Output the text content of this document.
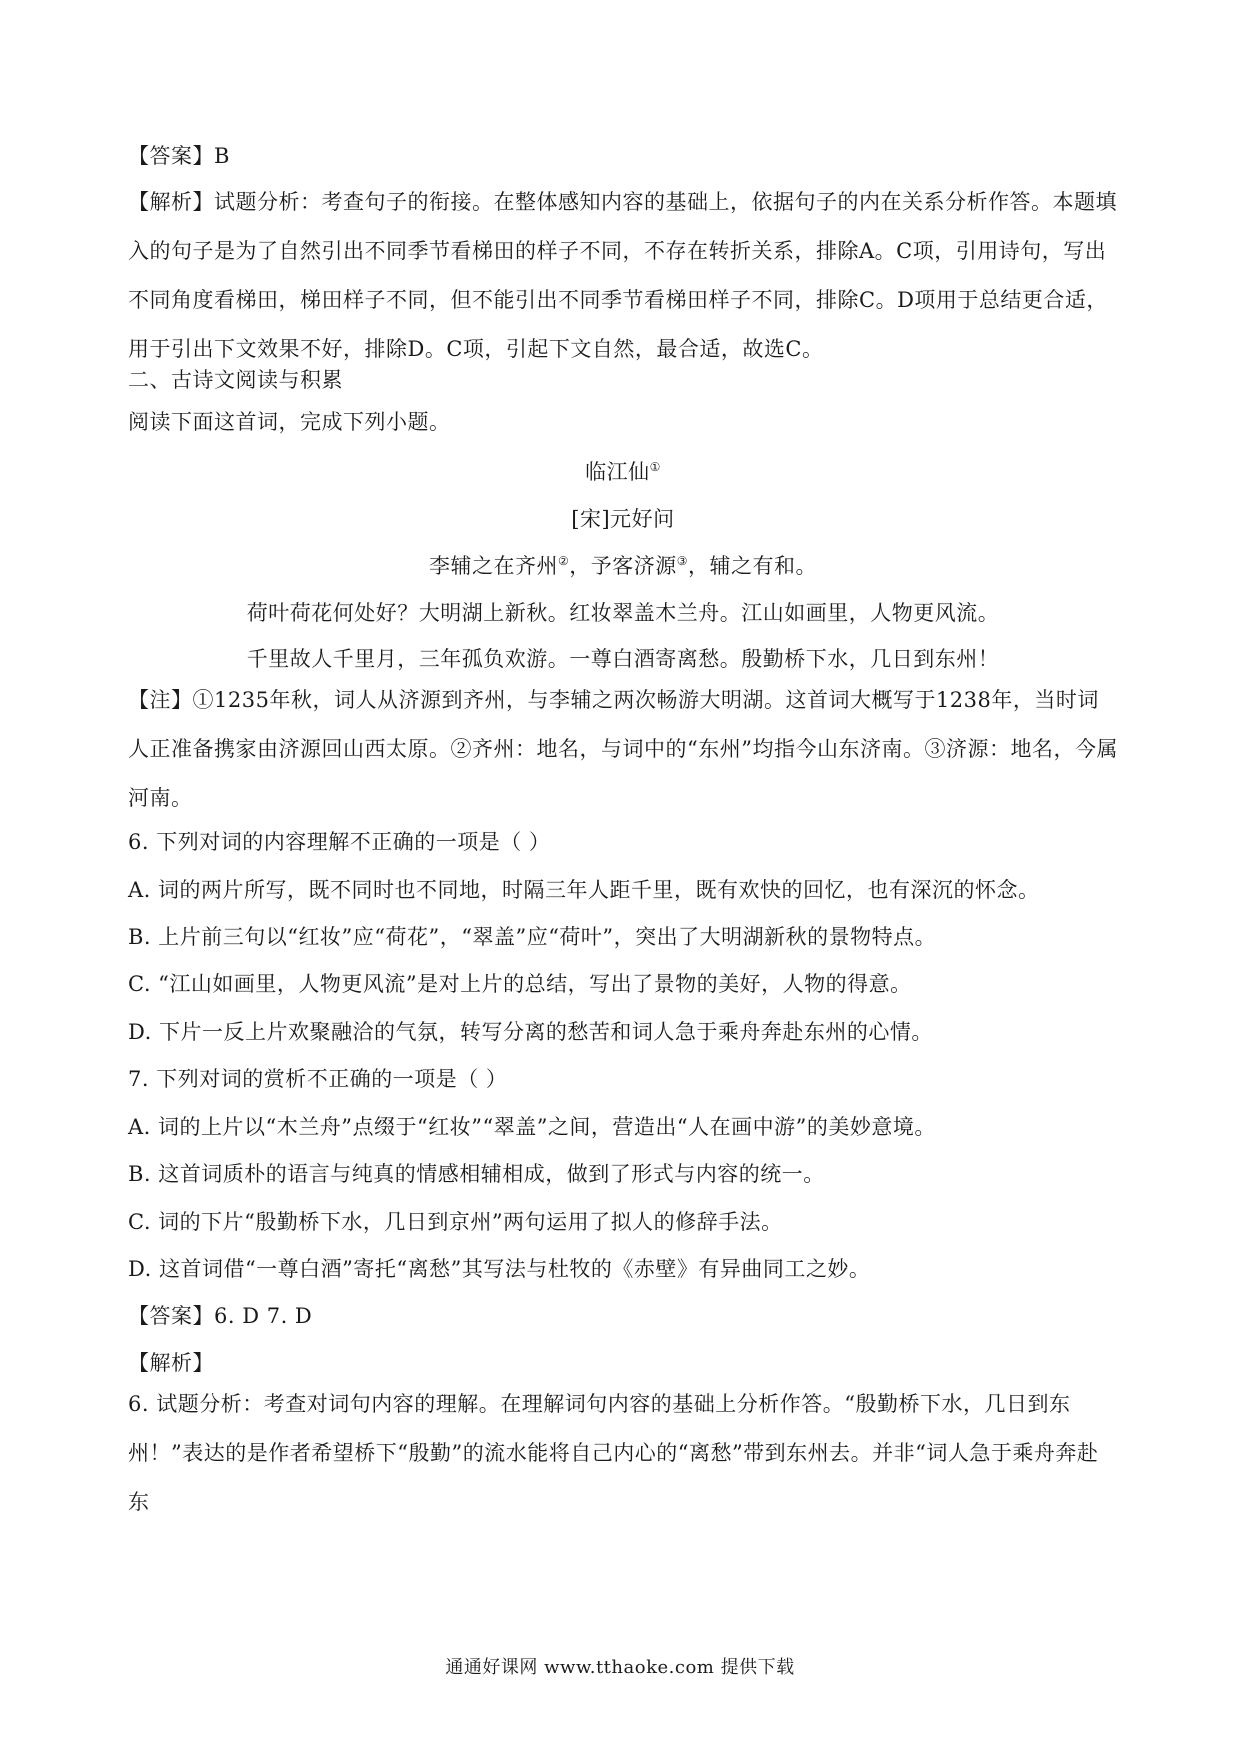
【答案】B

【解析】试题分析：考查句子的衔接。在整体感知内容的基础上，依据句子的内在关系分析作答。本题填入的句子是为了自然引出不同季节看梯田的样子不同，不存在转折关系，排除A。C项，引用诗句，写出不同角度看梯田，梯田样子不同，但不能引出不同季节看梯田样子不同，排除C。D项用于总结更合适，用于引出下文效果不好，排除D。C项，引起下文自然，最合适，故选C。

二、古诗文阅读与积累

阅读下面这首词，完成下列小题。

临江仙①

[宋]元好问

李辅之在齐州②，予客济源③，辅之有和。

荷叶荷花何处好？大明湖上新秋。红妆翠盖木兰舟。江山如画里，人物更风流。

千里故人千里月，三年孤负欢游。一尊白酒寄离愁。殷勤桥下水，几日到东州！

【注】①1235年秋，词人从济源到齐州，与李辅之两次畅游大明湖。这首词大概写于1238年，当时词人正准备携家由济源回山西太原。②齐州：地名，与词中的“东州”均指今山东济南。③济源：地名，今属河南。

6. 下列对词的内容理解不正确的一项是（ ）

A. 词的两片所写，既不同时也不同地，时隔三年人距千里，既有欢快的回忆，也有深沉的怀念。

B. 上片前三句以“红妆”应“荷花”，“翠盖”应“荷叶”，突出了大明湖新秋的景物特点。

C. “江山如画里，人物更风流”是对上片的总结，写出了景物的美好，人物的得意。

D. 下片一反上片欢聚融洽的气氛，转写分离的愁苦和词人急于乘舟奔赴东州的心情。

7. 下列对词的赏析不正确的一项是（ ）

A. 词的上片以“木兰舟”点缀于“红妆”“翠盖”之间，营造出“人在画中游”的美妙意境。

B. 这首词质朴的语言与纯真的情感相辅相成，做到了形式与内容的统一。

C. 词的下片“殷勤桥下水，几日到京州”两句运用了拟人的修辞手法。

D. 这首词借“一尊白酒”寄托“离愁”其写法与杜牧的《赤壁》有异曲同工之妙。

【答案】6. D 7. D

【解析】

6. 试题分析：考查对词句内容的理解。在理解词句内容的基础上分析作答。“殷勤桥下水，几日到东州！”表达的是作者希望桥下“殷勤”的流水能将自己内心的“离愁”带到东州去。并非“词人急于乘舟奔赴东

通通好课网 www.tthaoke.com 提供下载
